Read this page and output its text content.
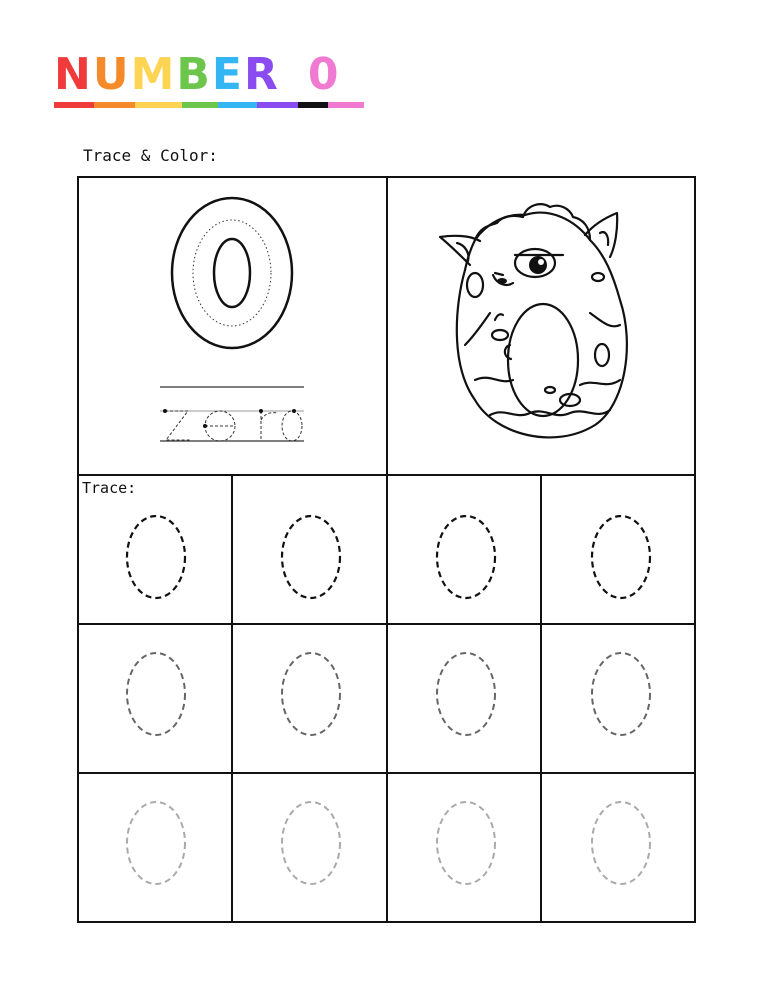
N U M B E R 0
Trace & Color:
Trace:
